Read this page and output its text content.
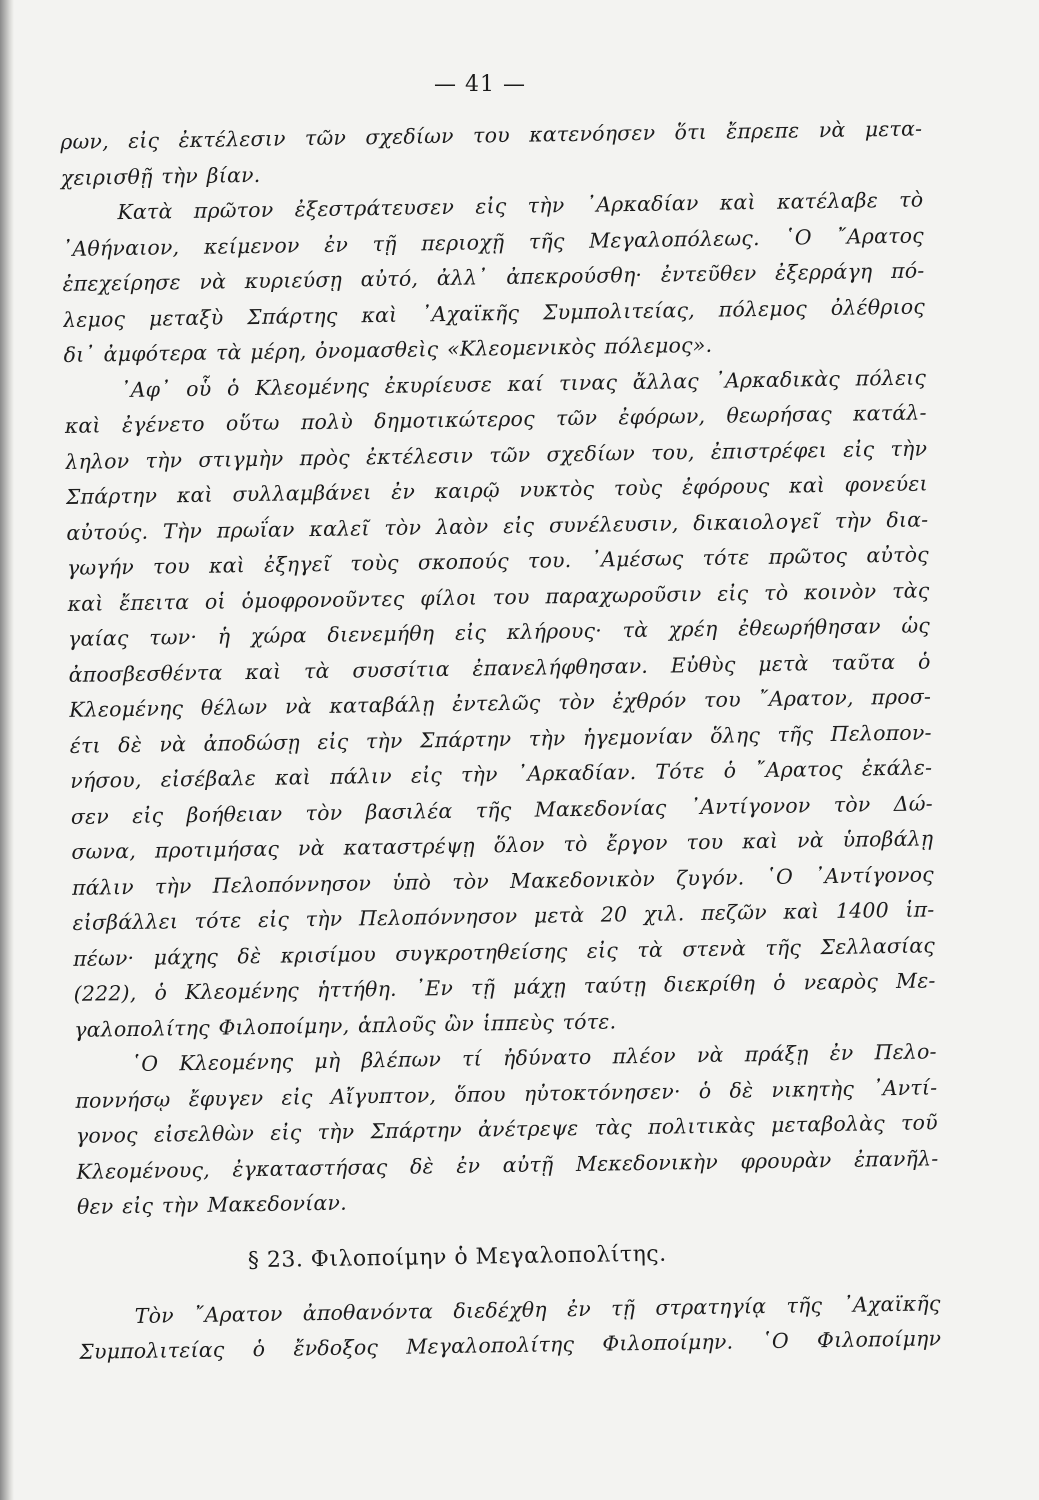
— 41 —
ρων, εἰς ἐκτέλεσιν τῶν σχεδίων του κατενόησεν ὅτι ἔπρεπε νὰ μετα-
χειρισθῇ τὴν βίαν.
Κατὰ πρῶτον ἐξεστράτευσεν εἰς τὴν ᾿Αρκαδίαν καὶ κατέλαβε τὸ
᾿Αθήναιον, κείμενον ἐν τῇ περιοχῇ τῆς Μεγαλοπόλεως. ῾Ο ῎Αρατος
ἐπεχείρησε νὰ κυριεύσῃ αὐτό, ἀλλ᾿ ἀπεκρούσθη· ἐντεῦθεν ἐξερράγη πό-
λεμος μεταξὺ Σπάρτης καὶ ᾿Αχαϊκῆς Συμπολιτείας, πόλεμος ὀλέθριος
δι᾿ ἀμφότερα τὰ μέρη, ὀνομασθεὶς «Κλεομενικὸς πόλεμος».
᾿Αφ᾿ οὗ ὁ Κλεομένης ἐκυρίευσε καί τινας ἄλλας ᾿Αρκαδικὰς πόλεις
καὶ ἐγένετο οὕτω πολὺ δημοτικώτερος τῶν ἐφόρων, θεωρήσας κατάλ-
ληλον τὴν στιγμὴν πρὸς ἐκτέλεσιν τῶν σχεδίων του, ἐπιστρέφει εἰς τὴν
Σπάρτην καὶ συλλαμβάνει ἐν καιρῷ νυκτὸς τοὺς ἐφόρους καὶ φονεύει
αὐτούς. Τὴν πρωΐαν καλεῖ τὸν λαὸν εἰς συνέλευσιν, δικαιολογεῖ τὴν δια-
γωγήν του καὶ ἐξηγεῖ τοὺς σκοπούς του. ᾿Αμέσως τότε πρῶτος αὐτὸς
καὶ ἔπειτα οἱ ὁμοφρονοῦντες φίλοι του παραχωροῦσιν εἰς τὸ κοινὸν τὰς
γαίας των· ἡ χώρα διενεμήθη εἰς κλήρους· τὰ χρέη ἐθεωρήθησαν ὡς
ἀποσβεσθέντα καὶ τὰ συσσίτια ἐπανελήφθησαν. Εὐθὺς μετὰ ταῦτα ὁ
Κλεομένης θέλων νὰ καταβάλῃ ἐντελῶς τὸν ἐχθρόν του ῎Αρατον, προσ-
έτι δὲ νὰ ἀποδώσῃ εἰς τὴν Σπάρτην τὴν ἡγεμονίαν ὅλης τῆς Πελοπον-
νήσου, εἰσέβαλε καὶ πάλιν εἰς τὴν ᾿Αρκαδίαν. Τότε ὁ ῎Αρατος ἐκάλε-
σεν εἰς βοήθειαν τὸν βασιλέα τῆς Μακεδονίας ᾿Αντίγονον τὸν Δώ-
σωνα, προτιμήσας νὰ καταστρέψῃ ὅλον τὸ ἔργον του καὶ νὰ ὑποβάλῃ
πάλιν τὴν Πελοπόννησον ὑπὸ τὸν Μακεδονικὸν ζυγόν. ῾Ο ᾿Αντίγονος
εἰσβάλλει τότε εἰς τὴν Πελοπόννησον μετὰ 20 χιλ. πεζῶν καὶ 1400 ἱπ-
πέων· μάχης δὲ κρισίμου συγκροτηθείσης εἰς τὰ στενὰ τῆς Σελλασίας
(222), ὁ Κλεομένης ἡττήθη. ᾿Εν τῇ μάχῃ ταύτῃ διεκρίθη ὁ νεαρὸς Με-
γαλοπολίτης Φιλοποίμην, ἁπλοῦς ὢν ἱππεὺς τότε.
῾Ο Κλεομένης μὴ βλέπων τί ἠδύνατο πλέον νὰ πράξῃ ἐν Πελο-
ποννήσῳ ἔφυγεν εἰς Αἴγυπτον, ὅπου ηὐτοκτόνησεν· ὁ δὲ νικητὴς ᾿Αντί-
γονος εἰσελθὼν εἰς τὴν Σπάρτην ἀνέτρεψε τὰς πολιτικὰς μεταβολὰς τοῦ
Κλεομένους, ἐγκαταστήσας δὲ ἐν αὐτῇ Μεκεδονικὴν φρουρὰν ἐπανῆλ-
θεν εἰς τὴν Μακεδονίαν.
§ 23. Φιλοποίμην ὁ Μεγαλοπολίτης.
Τὸν ῎Αρατον ἀποθανόντα διεδέχθη ἐν τῇ στρατηγίᾳ τῆς ᾿Αχαϊκῆς
Συμπολιτείας ὁ ἔνδοξος Μεγαλοπολίτης Φιλοποίμην. ῾Ο Φιλοποίμην
